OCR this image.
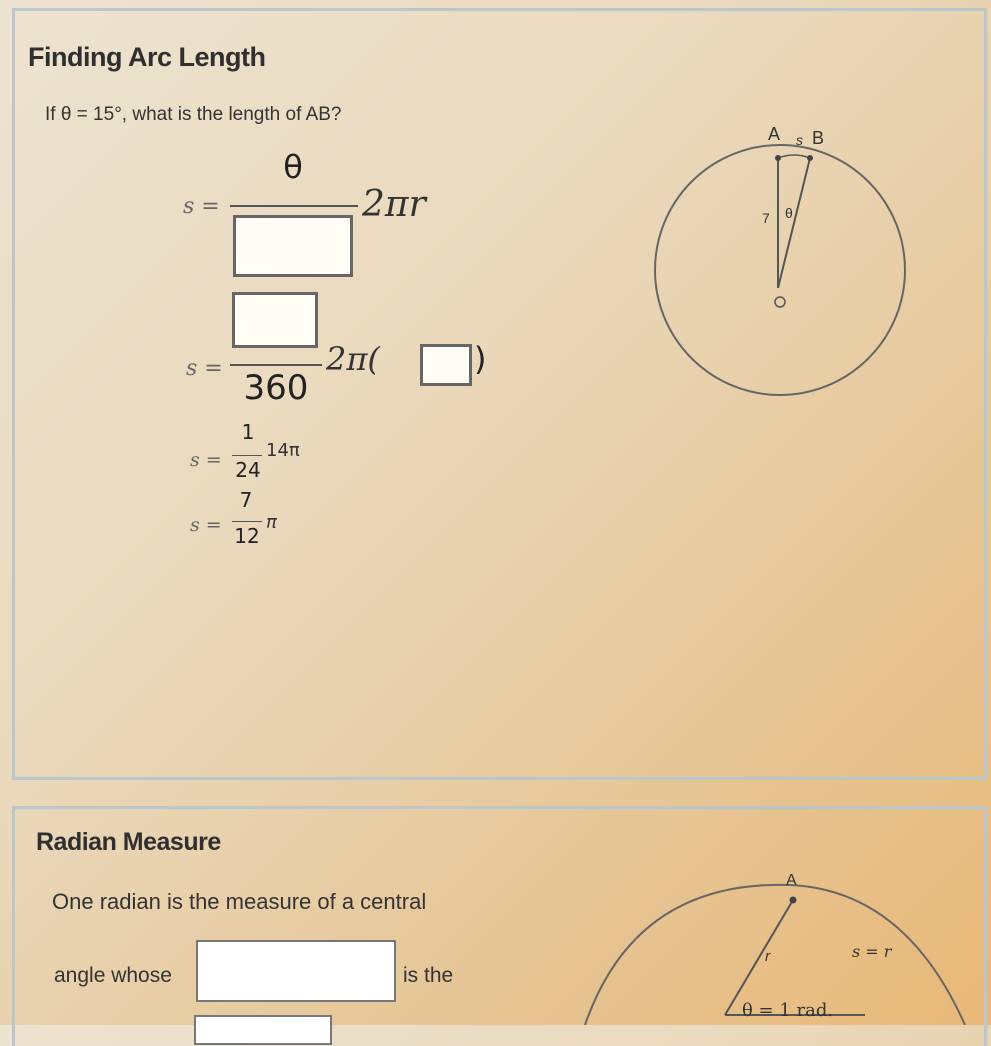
Finding Arc Length
If θ = 15°, what is the length of AB?
s =
θ
2πr
s = 360
2π(	)
s =
1
24
14π
s =
7
12
π
A s B
7 θ
Radian Measure
One radian is the measure of a central
angle whose	is the
A
r
θ = 1 rad.
s = r
